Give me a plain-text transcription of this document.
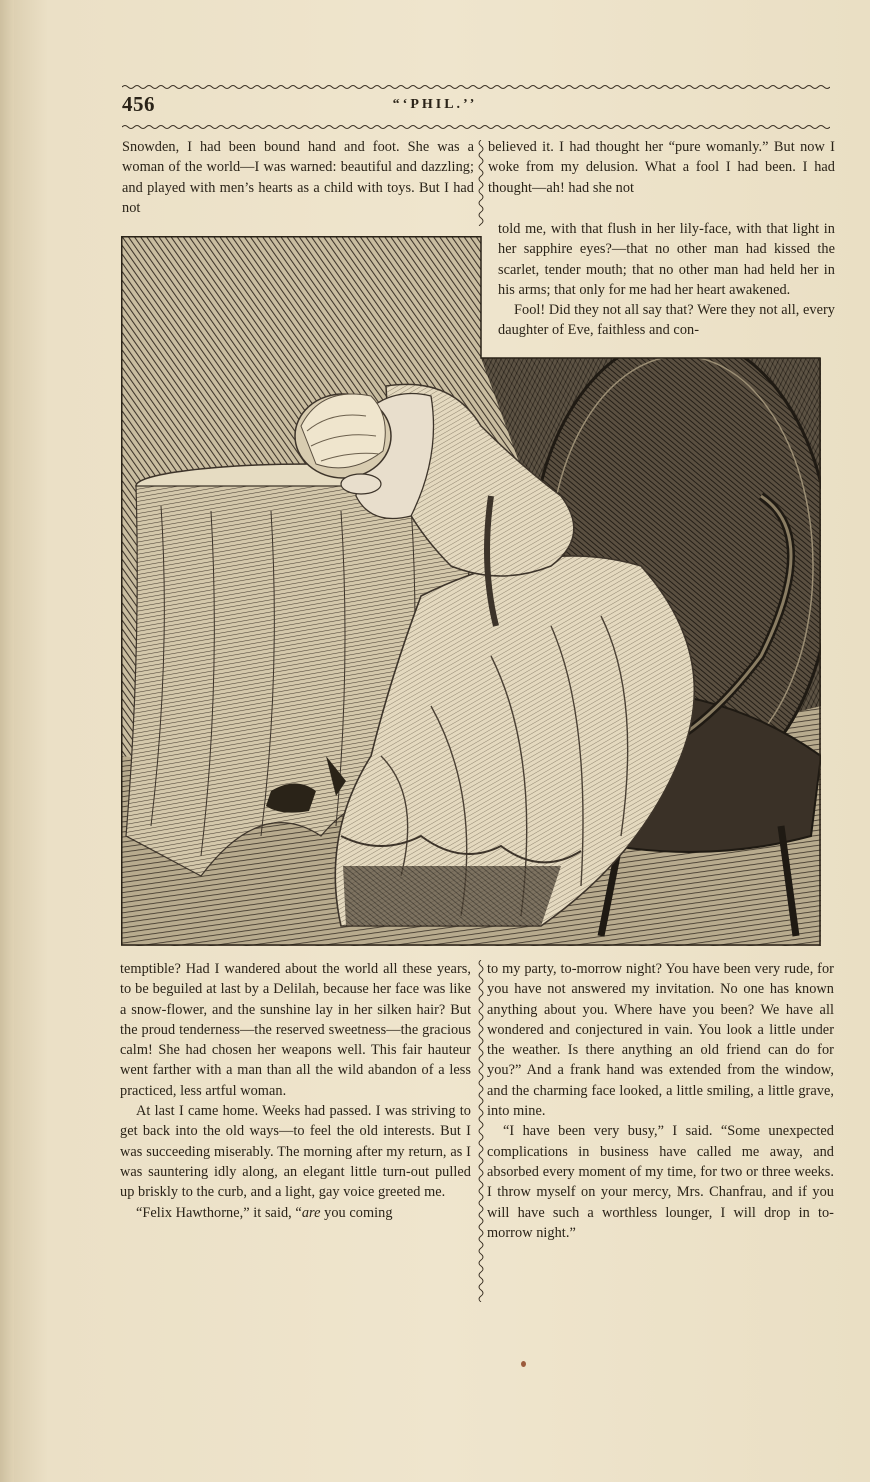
456	“‘PHIL.’’

Snowden, I had been bound hand and foot. She was a woman of the world—I was warned: beautiful and dazzling; and played with men’s hearts as a child with toys. But I had not

believed it. I had thought her “pure womanly.” But now I woke from my delusion. What a fool I had been. I had thought—ah! had she not

told me, with that flush in her lily-face, with that light in her sapphire eyes?—that no other man had kissed the scarlet, tender mouth; that no other man had held her in his arms; that only for me had her heart awakened.

Fool! Did they not all say that? Were they not all, every daughter of Eve, faithless and con-

temptible? Had I wandered about the world all these years, to be beguiled at last by a Delilah, because her face was like a snow-flower, and the sunshine lay in her silken hair? But the proud tenderness—the reserved sweetness—the gracious calm! She had chosen her weapons well. This fair hauteur went farther with a man than all the wild abandon of a less practiced, less artful woman.

At last I came home. Weeks had passed. I was striving to get back into the old ways—to feel the old interests. But I was succeeding miserably. The morning after my return, as I was sauntering idly along, an elegant little turn-out pulled up briskly to the curb, and a light, gay voice greeted me.

“Felix Hawthorne,” it said, “are you coming

to my party, to-morrow night? You have been very rude, for you have not answered my invitation. No one has known anything about you. Where have you been? We have all wondered and conjectured in vain. You look a little under the weather. Is there anything an old friend can do for you?” And a frank hand was extended from the window, and the charming face looked, a little smiling, a little grave, into mine.

“I have been very busy,” I said. “Some unexpected complications in business have called me away, and absorbed every moment of my time, for two or three weeks. I throw myself on your mercy, Mrs. Chanfrau, and if you will have such a worthless lounger, I will drop in to-morrow night.”
